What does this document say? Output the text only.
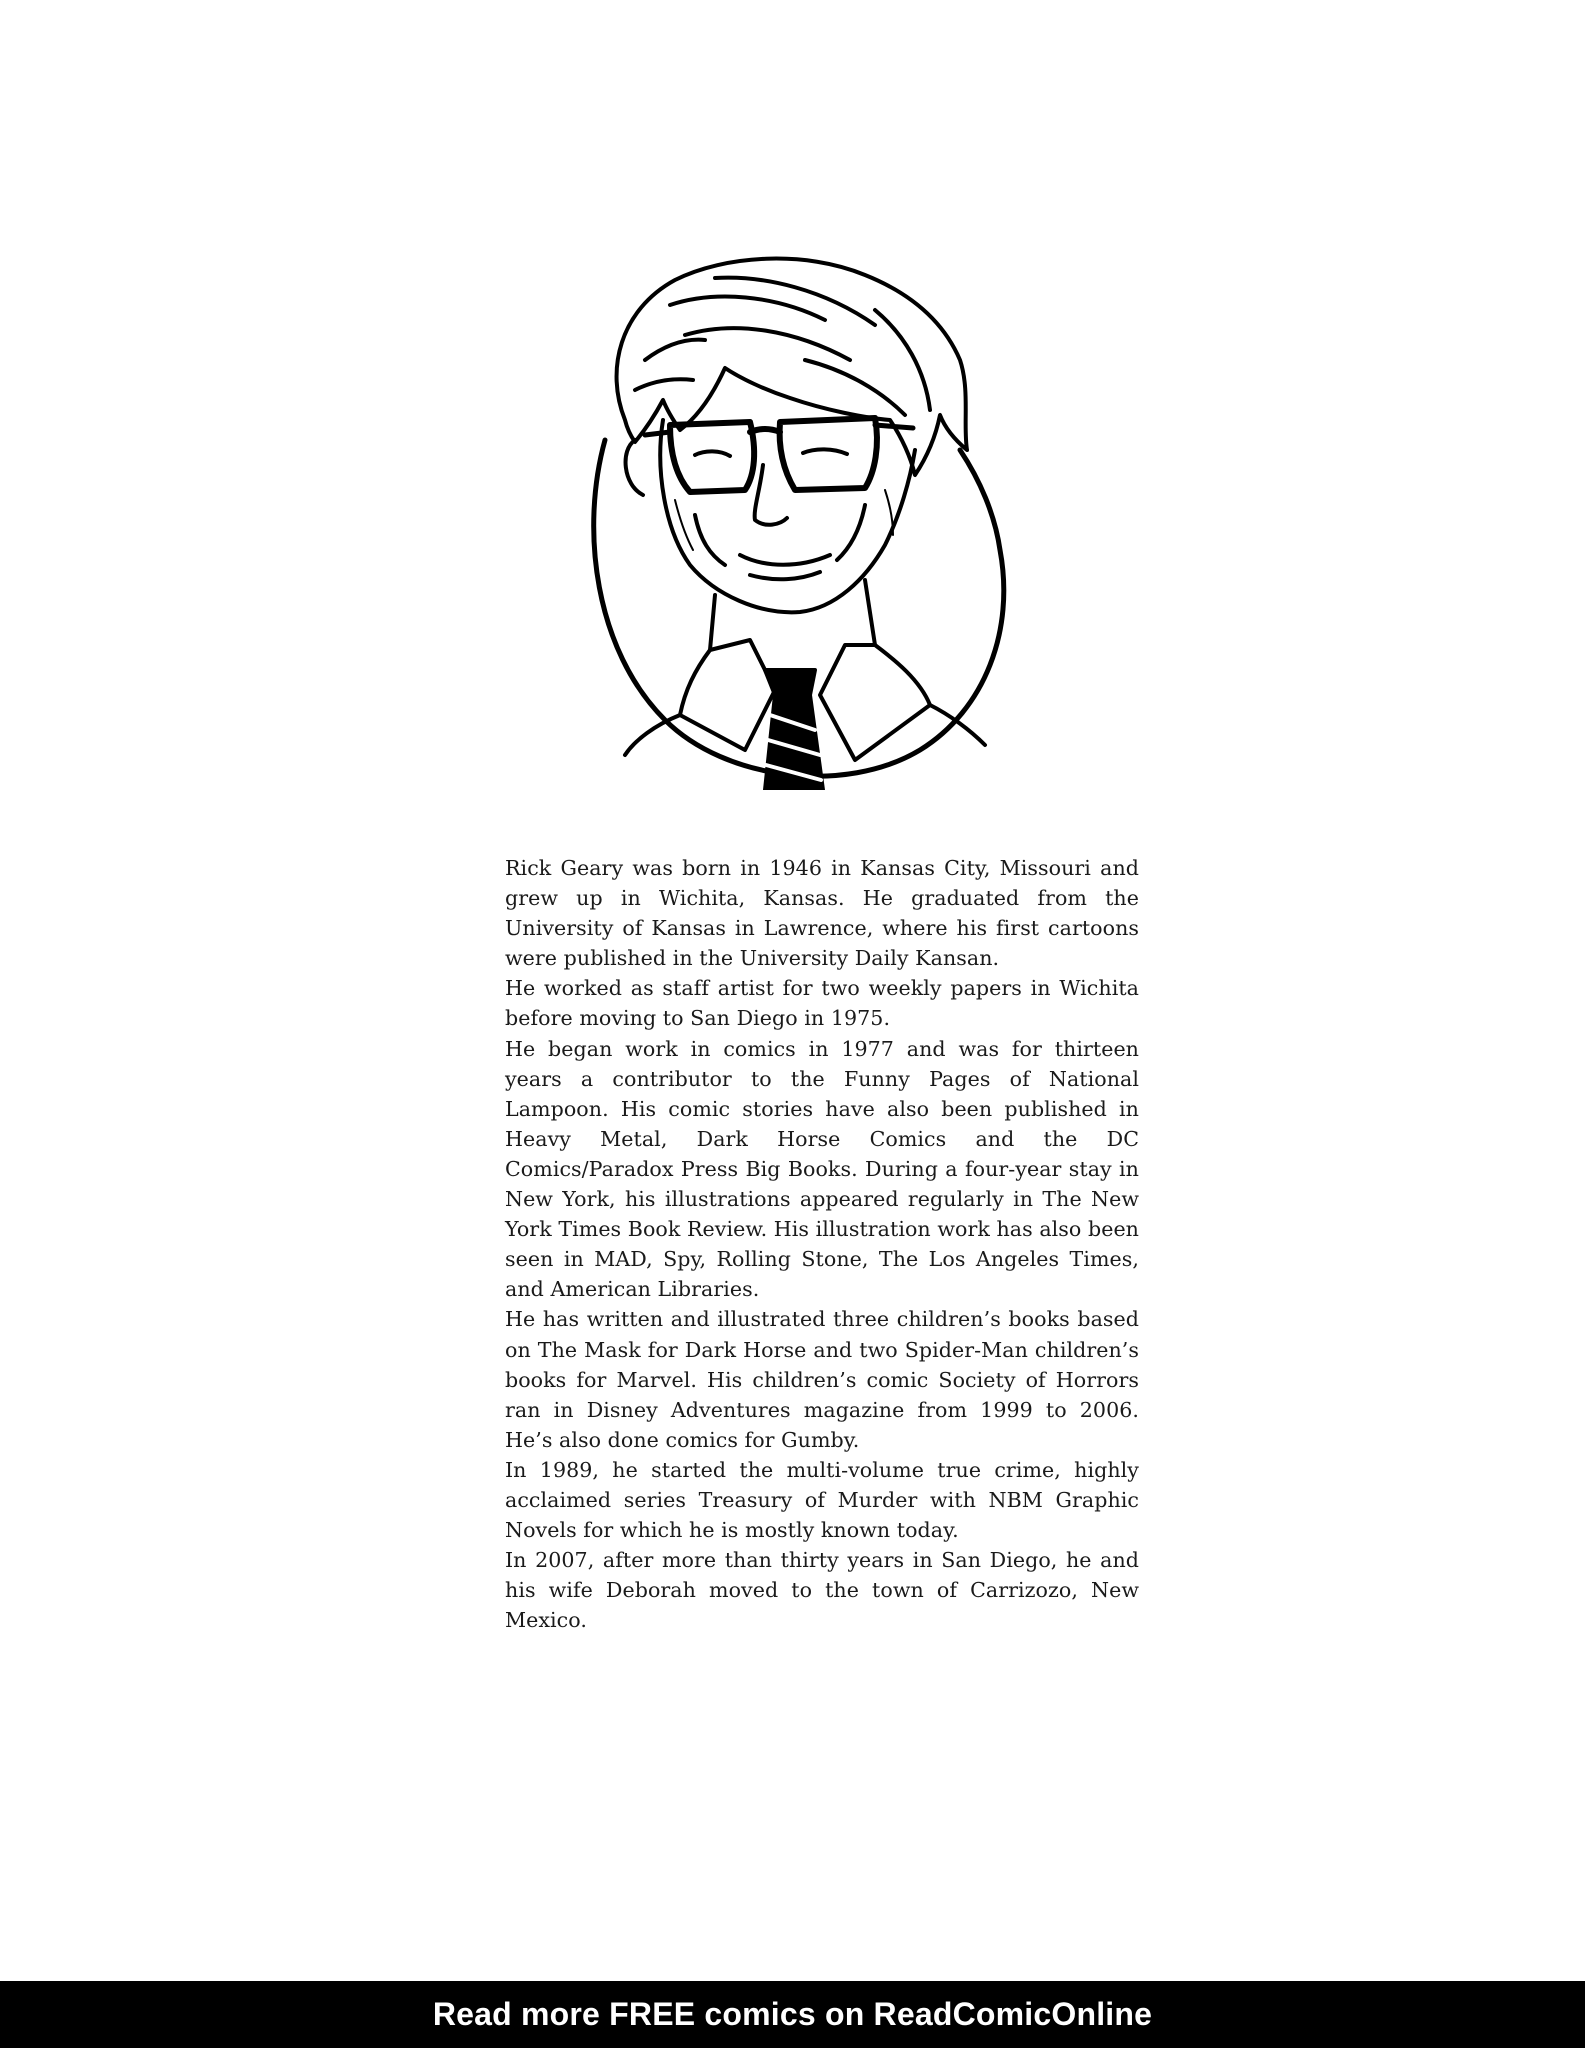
Rick Geary was born in 1946 in Kansas City, Missouri and grew up in Wichita, Kansas. He graduated from the University of Kansas in Lawrence, where his first cartoons were published in the University Daily Kansan.

He worked as staff artist for two weekly papers in Wichita before moving to San Diego in 1975.

He began work in comics in 1977 and was for thirteen years a contributor to the Funny Pages of National Lampoon. His comic stories have also been published in Heavy Metal, Dark Horse Comics and the DC Comics/Paradox Press Big Books. During a four-year stay in New York, his illustrations appeared regularly in The New York Times Book Review. His illustration work has also been seen in MAD, Spy, Rolling Stone, The Los Angeles Times, and American Libraries.

He has written and illustrated three children’s books based on The Mask for Dark Horse and two Spider-Man children’s books for Marvel. His children’s comic Society of Horrors ran in Disney Adventures magazine from 1999 to 2006. He’s also done comics for Gumby.

In 1989, he started the multi-volume true crime, highly acclaimed series Treasury of Murder with NBM Graphic Novels for which he is mostly known today.

In 2007, after more than thirty years in San Diego, he and his wife Deborah moved to the town of Carrizozo, New Mexico.

Read more FREE comics on ReadComicOnline
